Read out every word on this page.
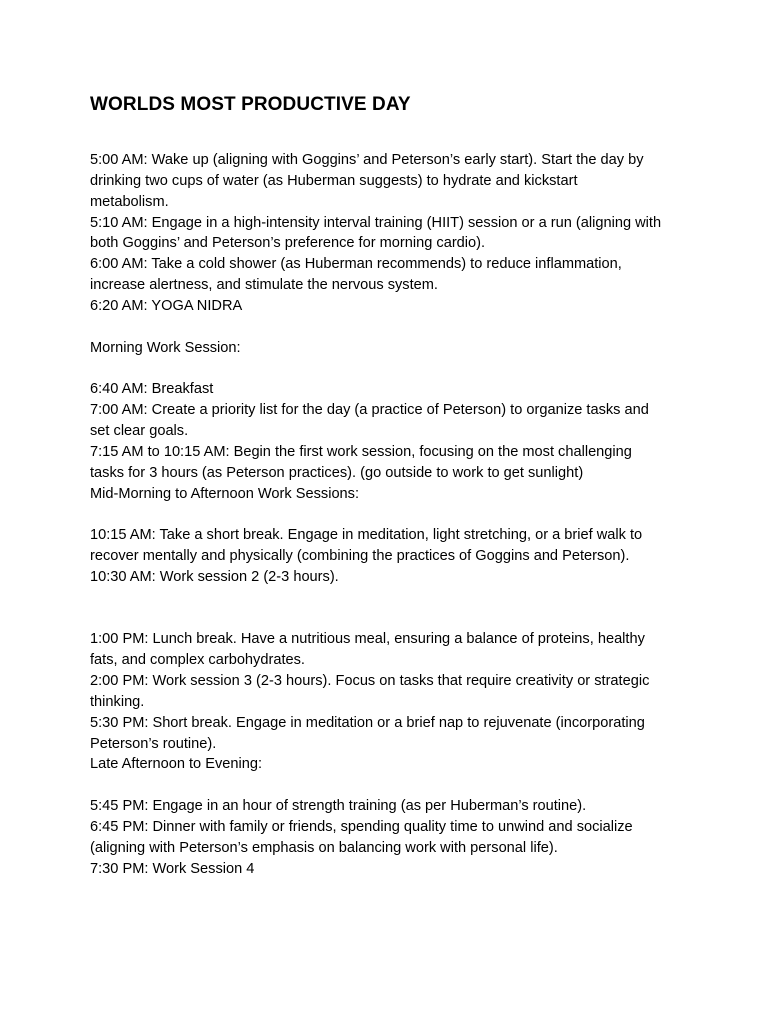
WORLDS MOST PRODUCTIVE DAY
5:00 AM: Wake up (aligning with Goggins’ and Peterson’s early start). Start the day by
drinking two cups of water (as Huberman suggests) to hydrate and kickstart
metabolism.
5:10 AM: Engage in a high-intensity interval training (HIIT) session or a run (aligning with
both Goggins’ and Peterson’s preference for morning cardio).
6:00 AM: Take a cold shower (as Huberman recommends) to reduce inflammation,
increase alertness, and stimulate the nervous system.
6:20 AM: YOGA NIDRA
Morning Work Session:
6:40 AM: Breakfast
7:00 AM: Create a priority list for the day (a practice of Peterson) to organize tasks and
set clear goals.
7:15 AM to 10:15 AM: Begin the first work session, focusing on the most challenging
tasks for 3 hours (as Peterson practices). (go outside to work to get sunlight)
Mid-Morning to Afternoon Work Sessions:
10:15 AM: Take a short break. Engage in meditation, light stretching, or a brief walk to
recover mentally and physically (combining the practices of Goggins and Peterson).
10:30 AM: Work session 2 (2-3 hours).
1:00 PM: Lunch break. Have a nutritious meal, ensuring a balance of proteins, healthy
fats, and complex carbohydrates.
2:00 PM: Work session 3 (2-3 hours). Focus on tasks that require creativity or strategic
thinking.
5:30 PM: Short break. Engage in meditation or a brief nap to rejuvenate (incorporating
Peterson’s routine).
Late Afternoon to Evening:
5:45 PM: Engage in an hour of strength training (as per Huberman’s routine).
6:45 PM: Dinner with family or friends, spending quality time to unwind and socialize
(aligning with Peterson’s emphasis on balancing work with personal life).
7:30 PM: Work Session 4
